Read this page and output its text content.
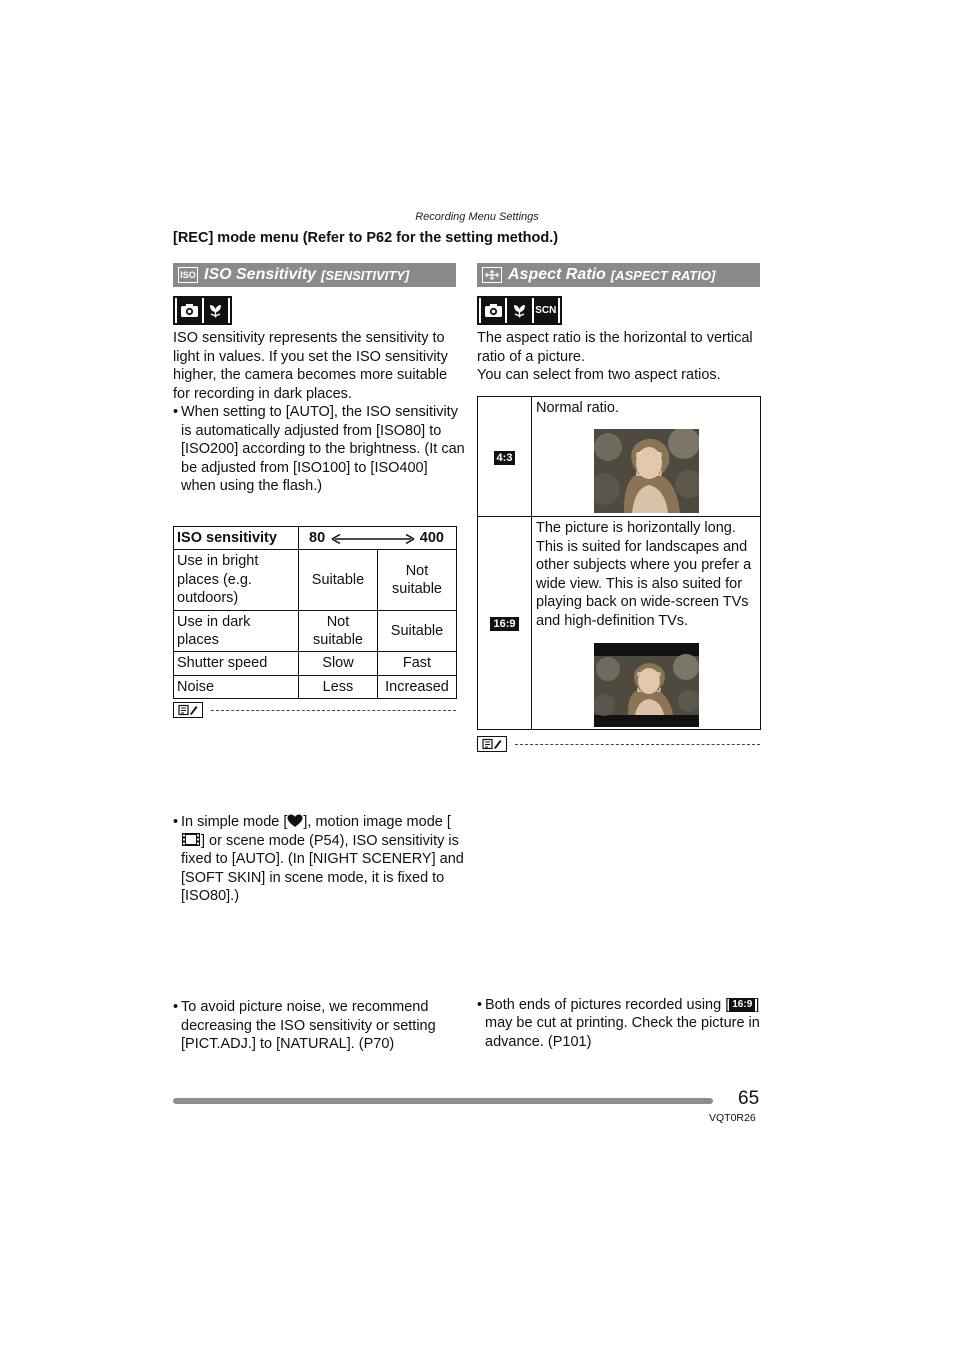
Recording Menu Settings
[REC] mode menu (Refer to P62 for the setting method.)
ISO ISO Sensitivity [SENSITIVITY]
ISO sensitivity represents the sensitivity to light in values. If you set the ISO sensitivity higher, the camera becomes more suitable for recording in dark places.
• When setting to [AUTO], the ISO sensitivity is automatically adjusted from [ISO80] to [ISO200] according to the brightness. (It can be adjusted from [ISO100] to [ISO400] when using the flash.)
ISO sensitivity	80 400	

Use in bright places (e.g. outdoors)	Suitable	Not suitable
Use in dark places	Not suitable	Suitable
Shutter speed	Slow	Fast
Noise	Less	Increased
• In simple mode [ ], motion image mode [] or scene mode (P54), ISO sensitivity is fixed to [AUTO]. (In [NIGHT SCENERY] and [SOFT SKIN] in scene mode, it is fixed to [ISO80].)
• To avoid picture noise, we recommend decreasing the ISO sensitivity or setting [PICT.ADJ.] to [NATURAL]. (P70)
Aspect Ratio [ASPECT RATIO]
SCN
The aspect ratio is the horizontal to vertical ratio of a picture.
You can select from two aspect ratios.
4:3	Normal ratio.

16:9	The picture is horizontally long. This is suited for landscapes and other subjects where you prefer a wide view. This is also suited for playing back on wide-screen TVs and high-definition TVs.
• Both ends of pictures recorded using [ 16:9 ] may be cut at printing. Check the picture in advance. (P101)
65
VQT0R26
